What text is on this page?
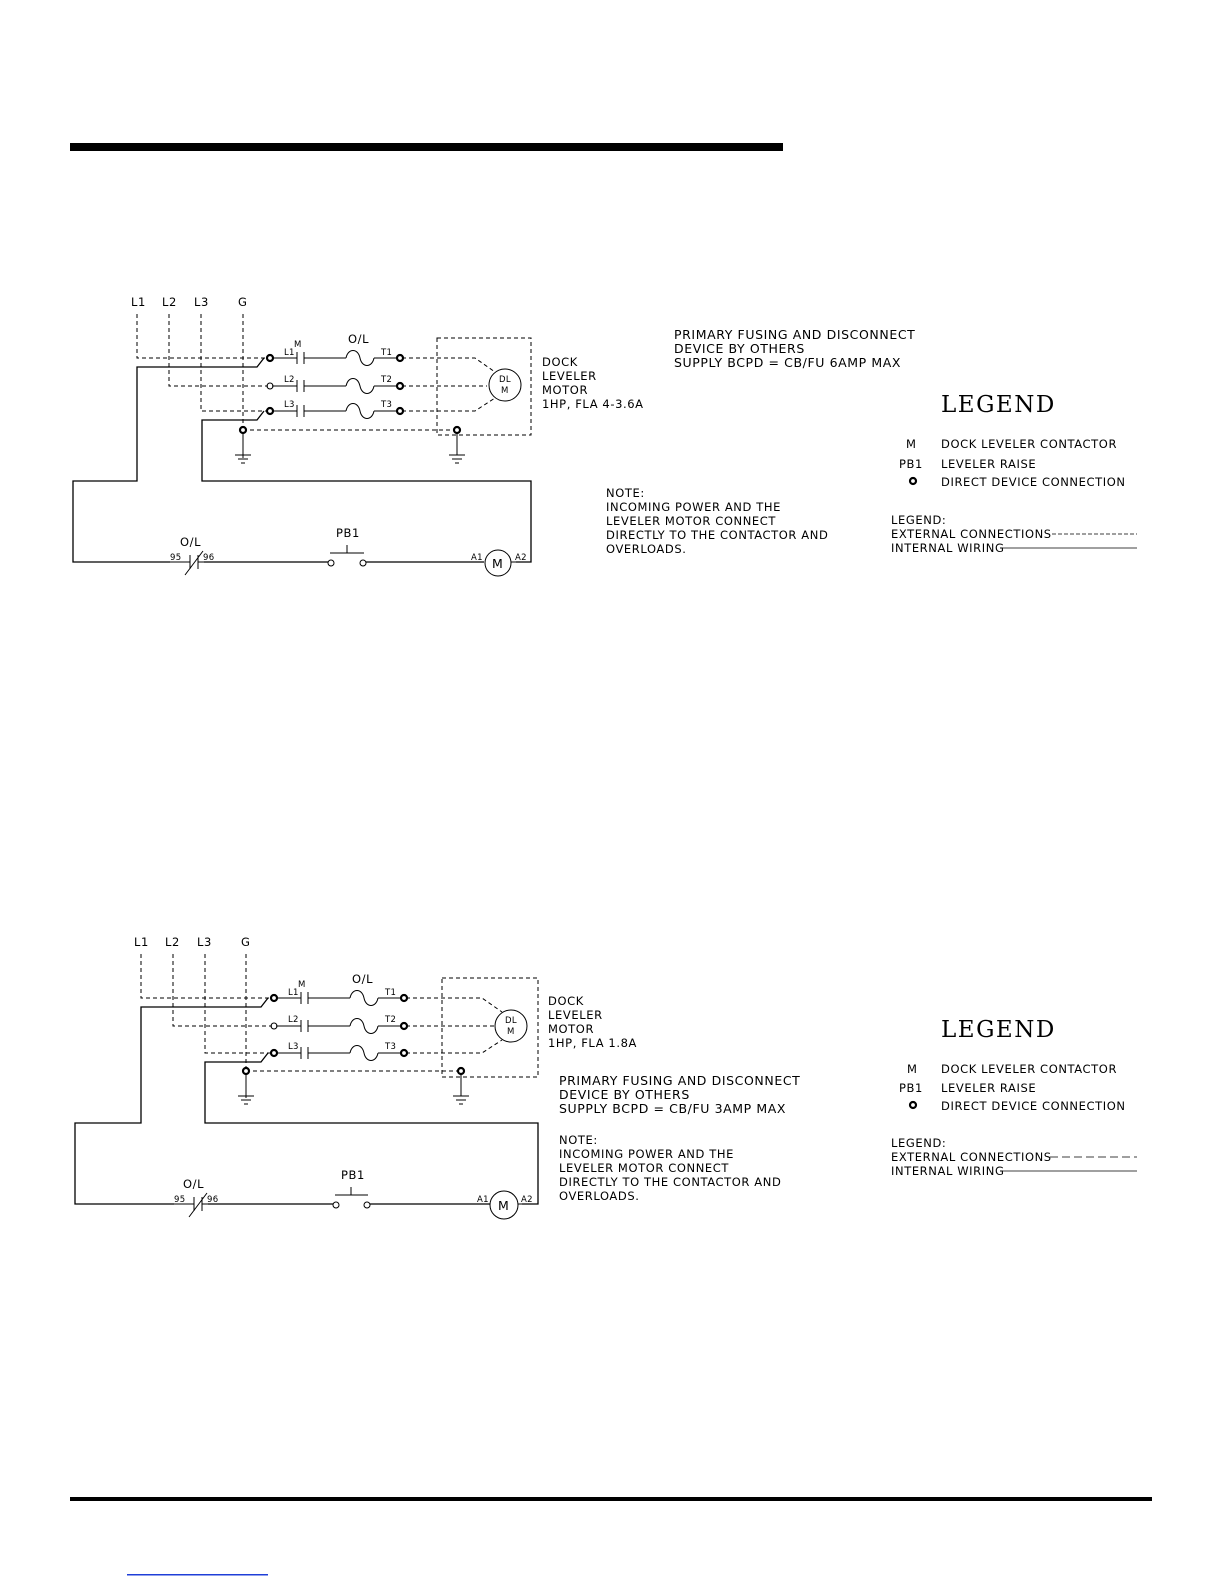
L1 L2 L3	G
M
L1
L2
L3
O/L
T1
T2
T3
DL
M
DOCK
LEVELER
MOTOR
1HP, FLA 4-3.6A
PRIMARY FUSING AND DISCONNECT
DEVICE BY OTHERS
SUPPLY BCPD = CB/FU 6AMP MAX
NOTE:
INCOMING POWER AND THE
LEVELER MOTOR CONNECT
DIRECTLY TO THE CONTACTOR AND
OVERLOADS.
O/L
95	96
PB1
M
A1	A2
LEGEND
M DOCK LEVELER CONTACTOR
PB1 LEVELER RAISE
DIRECT DEVICE CONNECTION
LEGEND:
EXTERNAL CONNECTIONS
INTERNAL WIRING
L1 L2 L3	G
M
L1
L2
L3
O/L
T1
T2
T3
DL
M
DOCK
LEVELER
MOTOR
1HP, FLA 1.8A
PRIMARY FUSING AND DISCONNECT
DEVICE BY OTHERS
SUPPLY BCPD = CB/FU 3AMP MAX
NOTE:
INCOMING POWER AND THE
LEVELER MOTOR CONNECT
DIRECTLY TO THE CONTACTOR AND
OVERLOADS.
O/L
95	96
PB1
M
A1	A2
LEGEND
M DOCK LEVELER CONTACTOR
PB1 LEVELER RAISE
DIRECT DEVICE CONNECTION
LEGEND:
EXTERNAL CONNECTIONS
INTERNAL WIRING
